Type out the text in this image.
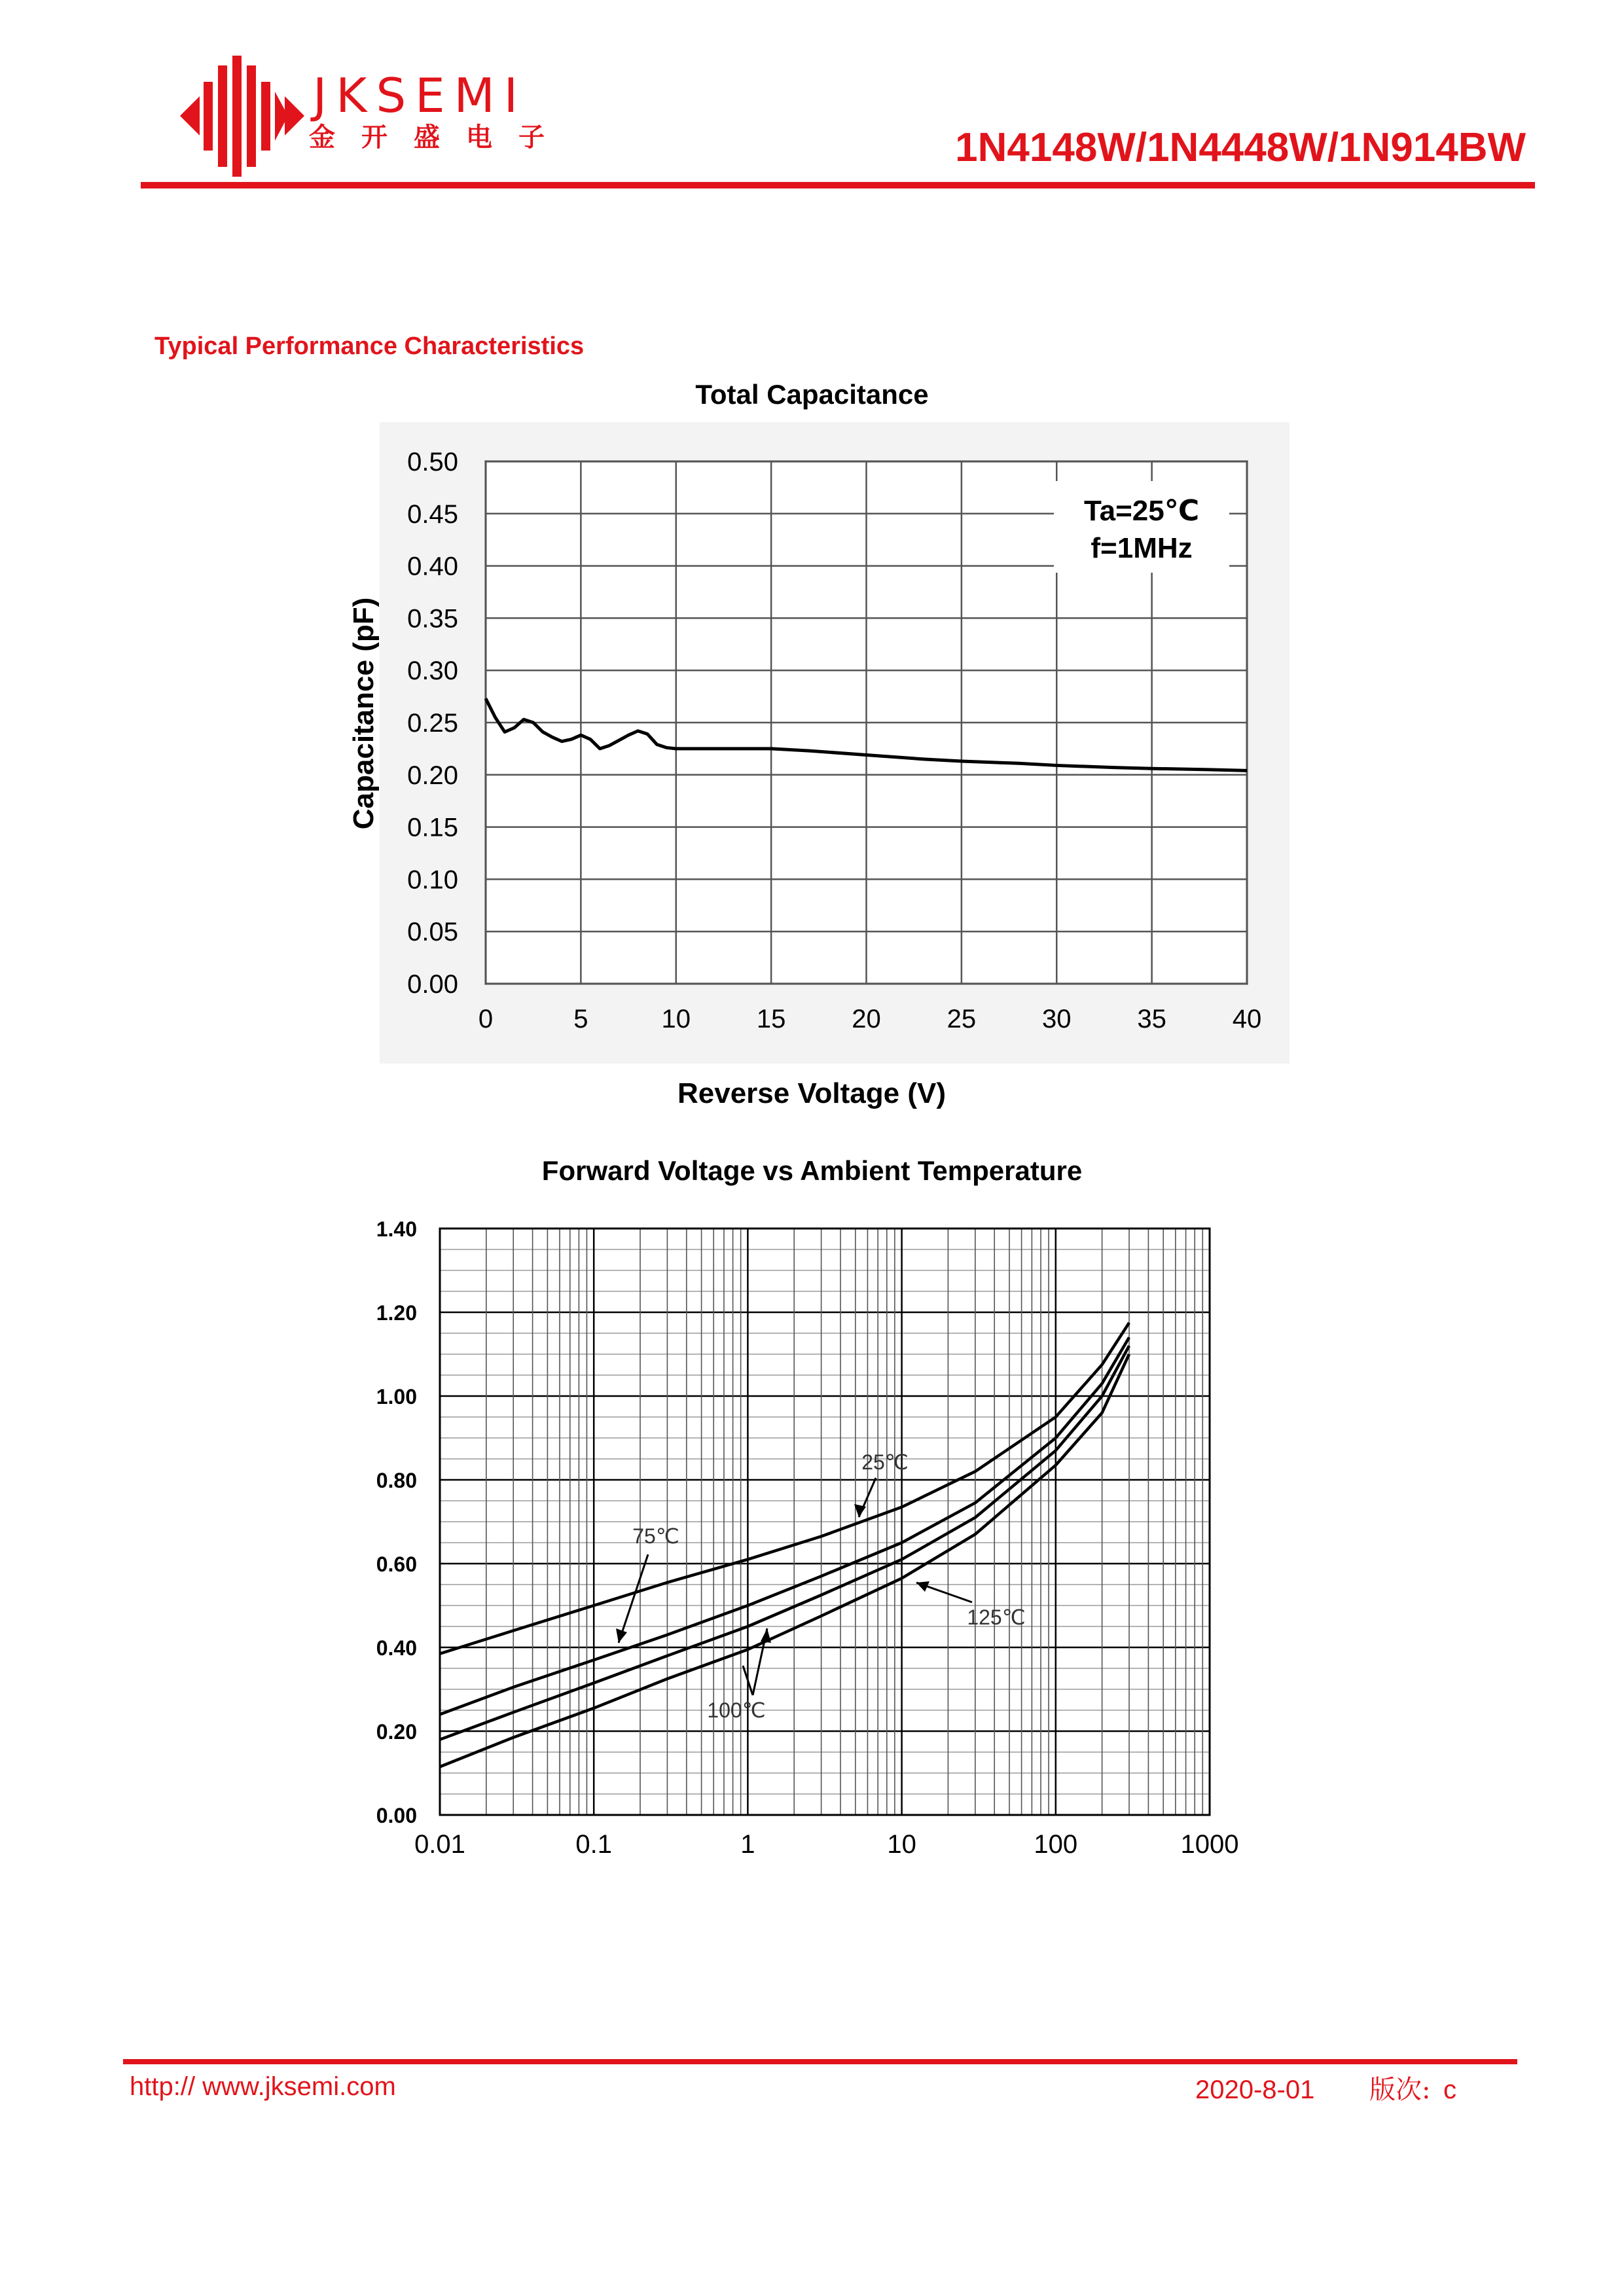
JKSEMI
金开盛电子	1N4148W/1N4448W/1N914BW
Typical Performance Characteristics
Total Capacitance
0	5	10	15	20	25	30	35	40
0.00
0.05
0.10
0.15
0.20
0.25
0.30
0.35
0.40
0.45
0.50
Ta=25℃
f=1MHz
Reverse Voltage (V)
Capacitance (pF)
Forward Voltage vs Ambient Temperature
0.01	0.1	1	10	100	1000
0.00
0.20
0.40
0.60
0.80
1.00
1.20
1.40
25℃
75℃
100℃
125℃
http:// www.jksemi.com	2020-8-01 版次: c
